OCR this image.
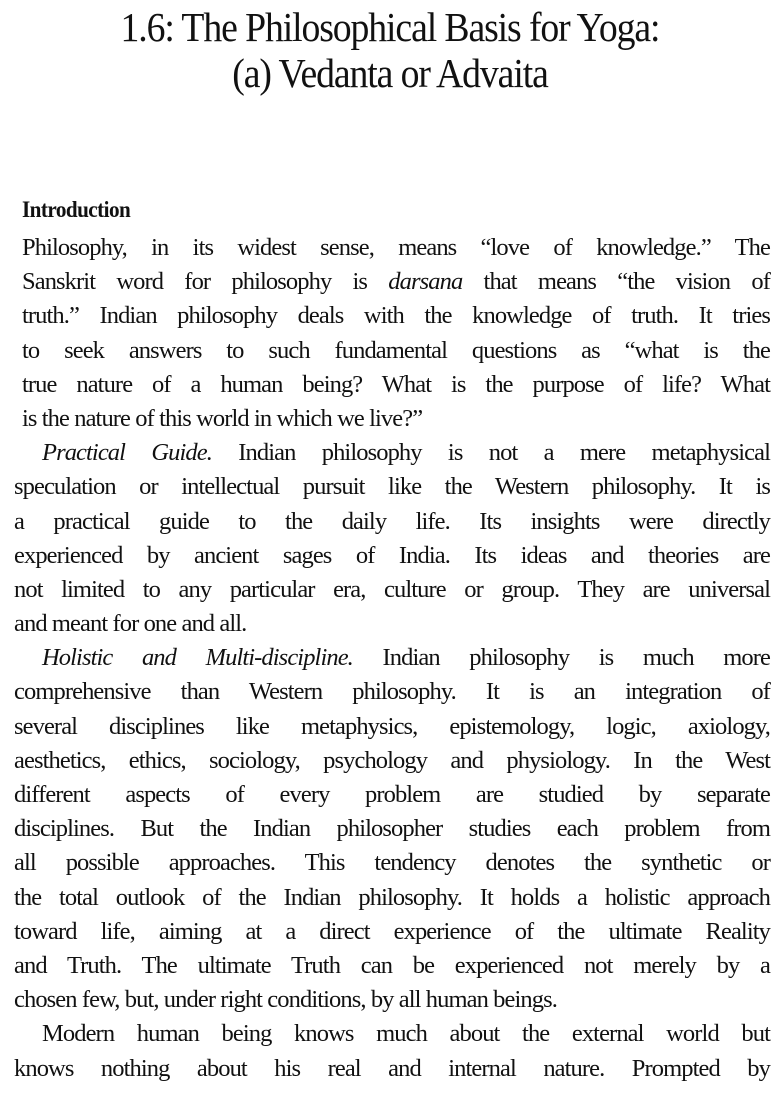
1.6: The Philosophical Basis for Yoga:
(a) Vedanta or Advaita
Introduction
Philosophy, in its widest sense, means “love of knowledge.” The
Sanskrit word for philosophy is darsana that means “the vision of
truth.” Indian philosophy deals with the knowledge of truth. It tries
to seek answers to such fundamental questions as “what is the
true nature of a human being? What is the purpose of life? What
is the nature of this world in which we live?”
Practical Guide. Indian philosophy is not a mere metaphysical
speculation or intellectual pursuit like the Western philosophy. It is
a practical guide to the daily life. Its insights were directly
experienced by ancient sages of India. Its ideas and theories are
not limited to any particular era, culture or group. They are universal
and meant for one and all.
Holistic and Multi-discipline. Indian philosophy is much more
comprehensive than Western philosophy. It is an integration of
several disciplines like metaphysics, epistemology, logic, axiology,
aesthetics, ethics, sociology, psychology and physiology. In the West
different aspects of every problem are studied by separate
disciplines. But the Indian philosopher studies each problem from
all possible approaches. This tendency denotes the synthetic or
the total outlook of the Indian philosophy. It holds a holistic approach
toward life, aiming at a direct experience of the ultimate Reality
and Truth. The ultimate Truth can be experienced not merely by a
chosen few, but, under right conditions, by all human beings.
Modern human being knows much about the external world but
knows nothing about his real and internal nature. Prompted by
